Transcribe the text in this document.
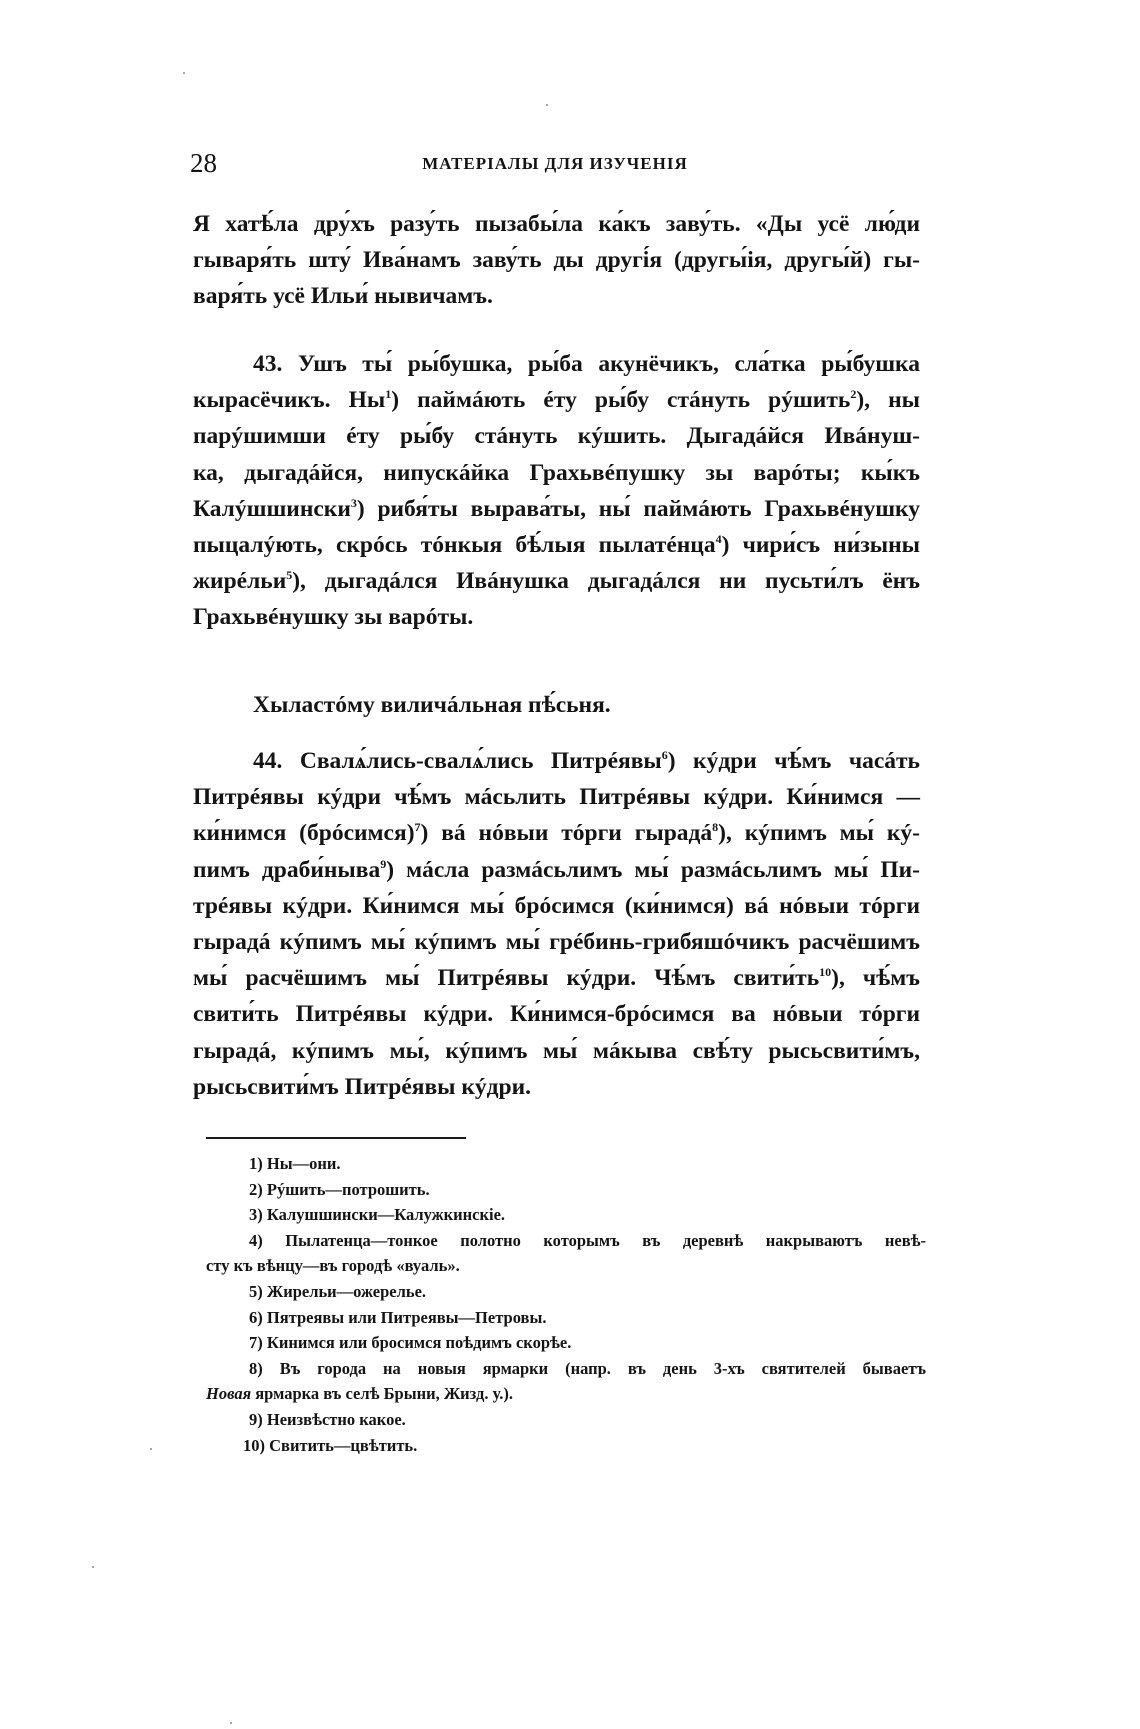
28	МАТЕРІАЛЫ ДЛЯ ИЗУЧЕНІЯ
Я хатѣ́ла дру́хъ разу́ть пызабы́ла ка́къ заву́ть. «Ды усё лю́ди
гывaря́ть шту́ Ива́намъ заву́ть ды другі́я (другы́ія, другы́й) гы-
варя́ть усё Ильи́ нывичамъ.
43. Ушъ ты́ ры́бушка, ры́ба акунёчикъ, сла́тка ры́бушка
кырасёчикъ. $Ны^1$) паймáють éту ры́бу стáнуть рýшить$^2$), ны
парýшимши éту ры́бу стáнуть кýшить. Дыгадáйся Ивáнуш-
ка, дыгадáйся, нипускáйка Грахьвéпушку зы варóты; кы́къ
Калýшшински$^3$) рибя́ты вырава́ты, ны́ паймáють Грахьвéнушку
пыцалýють, скрóсь тóнкыя бѣ́лыя пылатéнца$^4$) чири́съ ни́зыны
жирéльи$^5$), дыгадáлся Ивáнушка дыгадáлся ни пусьти́лъ ёнъ
Грахьвéнушку зы варóты.
Хыластóму виличáльная пѣ́сьня.
44. Свалѧ́лись-свалѧ́лись Питрéявы$^6$) кýдри чѣ́мъ часáть
Питрéявы кýдри чѣ́мъ мáсьлить Питрéявы кýдри. Ки́нимся —
ки́нимся (брóсимся)$^7$) вá нóвыи тóрги гырадá$^8$), кýпимъ мы́ кý-
пимъ драби́нывa$^9$) мáсла размáсьлимъ мы́ размáсьлимъ мы́ Пи-
трéявы кýдри. Ки́нимся мы́ брóсимся (ки́нимся) вá нóвыи тóрги
гырадá кýпимъ мы́ кýпимъ мы́ грéбинь-грибяшóчикъ расчёшимъ
мы́ расчёшимъ мы́ Питрéявы кýдри. Чѣ́мъ $свити́ть^{10}$), чѣ́мъ
свити́ть Питрéявы кýдри. Ки́нимся-брóсимся ва нóвыи тóрги
гырадá, кýпимъ мы́, кýпимъ мы́ мáкыва свѣ́ту рысьсвити́мъ,
рысьсвити́мъ Питрéявы кýдри.
1) Ны—они.
2) Рýшить—потрошить.
3) Калушшински—Калужкинскіе.
4) Пылатенца—тонкое полотно которымъ въ деревнѣ накрываютъ невѣ-
сту къ вѣнцу—въ городѣ «вуаль».
5) Жирельи—ожерелье.
6) Пятреявы или Питреявы—Петровы.
7) Кинимся или бросимся поѣдимъ скорѣе.
8) Въ города на новыя ярмарки (напр. въ день 3-хъ святителей бываетъ
Новая ярмарка въ селѣ Брыни, Жизд. у.).
9) Неизвѣстно какое.
10) Свитить—цвѣтить.
